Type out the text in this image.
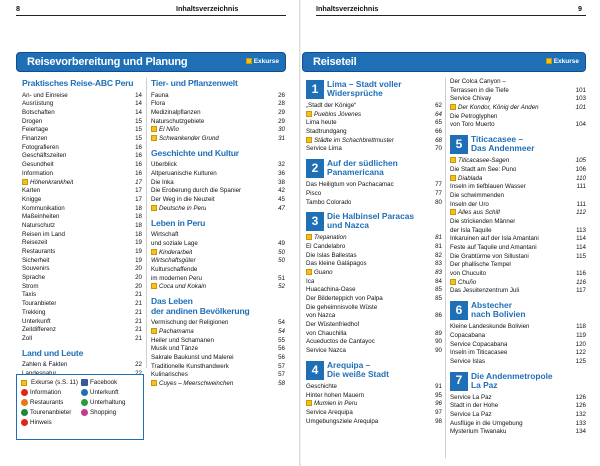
8	Inhaltsverzeichnis
Reisevorbereitung und Planung	Exkurse
Praktisches Reise-ABC Peru
An- und Einreise	14
Ausrüstung	14
Botschaften	14
Drogen	15
Feiertage	15
Finanzen	15
Fotografieren	16
Geschäftszeiten	16
Gesundheit	16
Information	16
Höhenkrankheit	17
Karten	17
Knigge	17
Kommunikation	18
Maßeinheiten	18
Naturschutz	18
Reisen im Land	18
Reisezeit	19
Restaurants	19
Sicherheit	19
Souvenirs	20
Sprache	20
Strom	20
Taxis	21
Touranbieter	21
Trekking	21
Unterkunft	21
Zeitdifferenz	21
Zoll	21
Land und Leute
Zahlen & Fakten	22
Landesnatur	22
Tier- und Pflanzenwelt
Fauna	26
Flora	28
Medizinalpflanzen	29
Naturschutzgebiete	29
El Niño	30
Schwankender Grund	31
Geschichte und Kultur
Überblick	32
Altperuanische Kulturen	36
Die Inka	38
Die Eroberung durch die Spanier	42
Der Weg in die Neuzeit	45
Deutsche in Peru	47
Leben in Peru
Wirtschaft
und soziale Lage	49
Kinderarbeit	50
Wirtschaftsgüter	50
Kulturschaffende
im modernen Peru	51
Coca und Kokain	52
Das Leben
der andinen Bevölkerung
Vermischung der Religionen	54
Pachamama	54
Heiler und Schamanen	55
Musik und Tänze	56
Sakrale Baukunst und Malerei	56
Traditionelle Kunsthandwerk	57
Kulinarisches	57
Cuyes – Meerschweinchen	58
Exkurse (s.S. 11) Facebook
Information	Unterkunft
Restaurants	Unterhaltung
Tourenanbieter	Shopping
Hinweis
Inhaltsverzeichnis	9
Reiseteil	Exkurse
1	Lima – Stadt voller
Widersprüche
„Stadt der Könige“	62
Pueblos Jóvenes	64
Lima heute	65
Stadtrundgang	66
Städte im Schachbrettmuster	68
Service Lima	70
2	Auf der südlichen
Panamericana
Das Heiligtum von Pachacamac	77
Pisco	77
Tambo Colorado	80
3	Die Halbinsel Paracas
und Nazca
Trepanation	81
El Candelabro	81
Die Islas Ballestas	82
Das kleine Galápagos	83
Guano	83
Ica	84
Huacachina-Oase	85
Der Bildertеppich von Palpa	85
Die geheimnisvolle Wüste
von Nazca	86
Der Wüstenfriedhof
von Chauchilla	89
Acueductos de Cantayoc	90
Service Nazca	90
4	Arequipa –
Die weiße Stadt
Geschichte	91
Hinter hohen Mauern	95
Mumien in Peru	96
Service Arequipa	97
Umgebungsziele Arequipa	98
Der Colca Canyon –
Terrassen in die Tiefe	101
Service Chivay	103
Der Kondor, König der Anden	101
Die Petroglyphen
von Toro Muerto	104
5	Titicacasee –
Das Andenmeer
Titicacasee-Sagen	105
Die Stadt am See: Puno	106
Diablada	110
Inseln im tiefblauen Wasser	111
Die schwimmenden
Inseln der Uro	111
Alles aus Schilf	112
Die strickenden Männer
der Isla Taquile	113
Inkaruinen auf der Isla Amantani	114
Feste auf Taquile und Amantani	114
Die Grabtürme von Sillustani	115
Der phallische Tempel
von Chucuito	116
Chuño	116
Das Jesuitenzentrum Juli	117
6	Abstecher
nach Bolivien
Kleine Landeskunde Bolivien	118
Copacabana	119
Service Copacabana	120
Inseln im Titicacasee	122
Service Islas	125
7	Die Andenmetropole
La Paz
Service La Paz	126
Stadt in der Hohe	126
Service La Paz	132
Ausflüge in die Umgebung	133
Mysterium Tiwanaku	134
